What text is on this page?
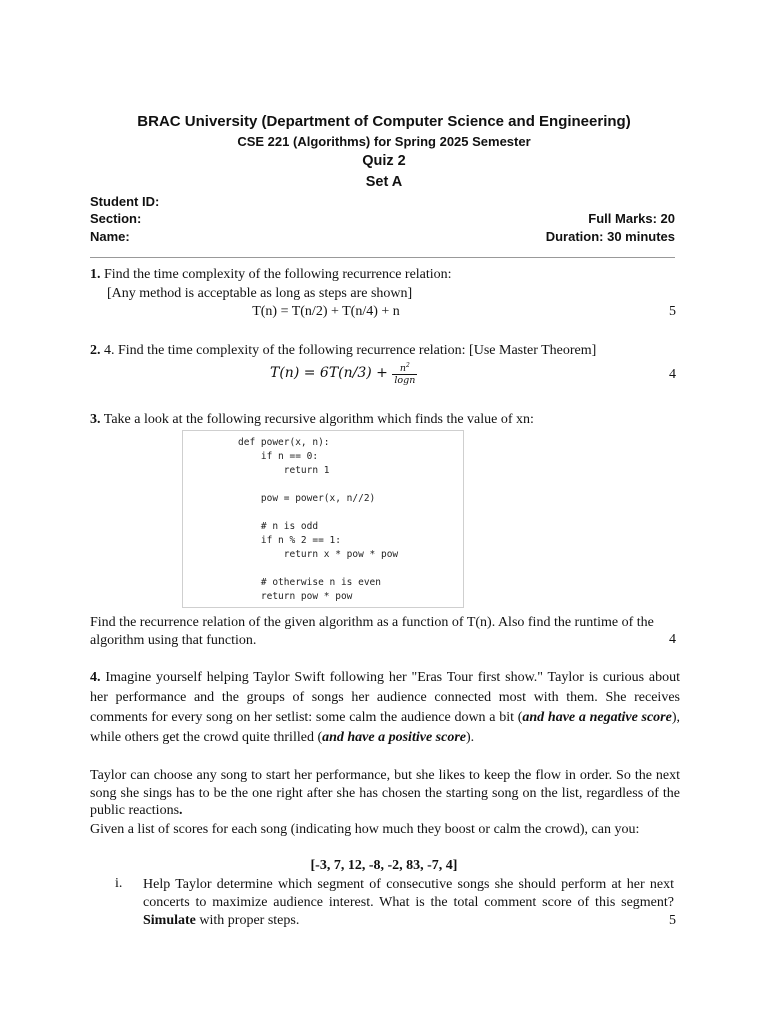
BRAC University (Department of Computer Science and Engineering)
CSE 221 (Algorithms) for Spring 2025 Semester
Quiz 2
Set A
Student ID:
Section:
Name:
Full Marks: 20
Duration: 30 minutes
1. Find the time complexity of the following recurrence relation:
[Any method is acceptable as long as steps are shown]
T(n) = T(n/2) + T(n/4) + n	5
2. 4. Find the time complexity of the following recurrence relation: [Use Master Theorem]
$T(n) = 6T(n/3) + \frac{n^2}{\log n}$	4
3. Take a look at the following recursive algorithm which finds the value of xn:
def power(x, n):
if n == 0:
return 1
pow = power(x, n//2)
# n is odd
if n % 2 == 1:
return x * pow * pow
# otherwise n is even
return pow * pow
Find the recurrence relation of the given algorithm as a function of T(n). Also find the runtime of the
algorithm using that function.	4
4. Imagine yourself helping Taylor Swift following her "Eras Tour first show." Taylor is curious about her performance and the groups of songs her audience connected most with them. She receives comments for every song on her setlist: some calm the audience down a bit (and have a negative score), while others get the crowd quite thrilled (and have a positive score).
Taylor can choose any song to start her performance, but she likes to keep the flow in order. So the next song she sings has to be the one right after she has chosen the starting song on the list, regardless of the public reactions.
Given a list of scores for each song (indicating how much they boost or calm the crowd), can you:
[-3, 7, 12, -8, -2, 83, -7, 4]
i. Help Taylor determine which segment of consecutive songs she should perform at her next concerts to maximize audience interest. What is the total comment score of this segment? Simulate with proper steps.	5
